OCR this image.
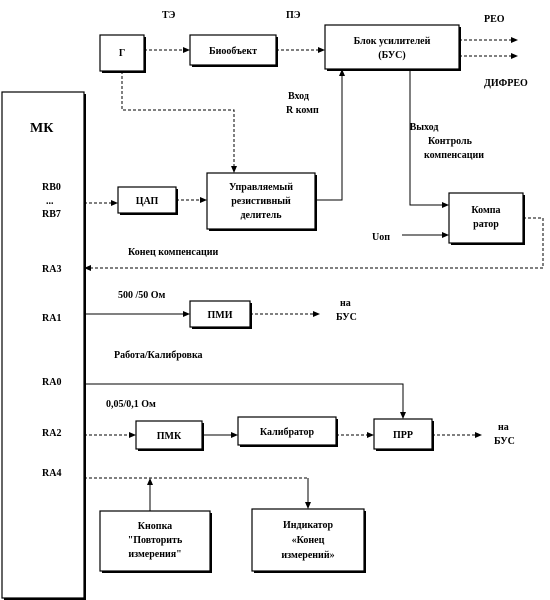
МК
RB0
...
RB7
RA3
RA1
RA0
RA2
RA4
Г	Биообъект
Блок усилителей
(БУС)
ЦАП
Управляемый
резистивный
делитель	Компа
ратор
ПМИ
ПМК	Калибратор	ПРР
Кнопка
"Повторить
измерения"
Индикатор
«Конец
измерений»
ТЭ	ПЭ	РЕО
ДИФРЕО
Вход
R комп
Выход
Контроль
компенсации
Uоп
Конец компенсации
500 /50 Ом
на
БУС
Работа/Калибровка
0,05/0,1 Ом
на
БУС
